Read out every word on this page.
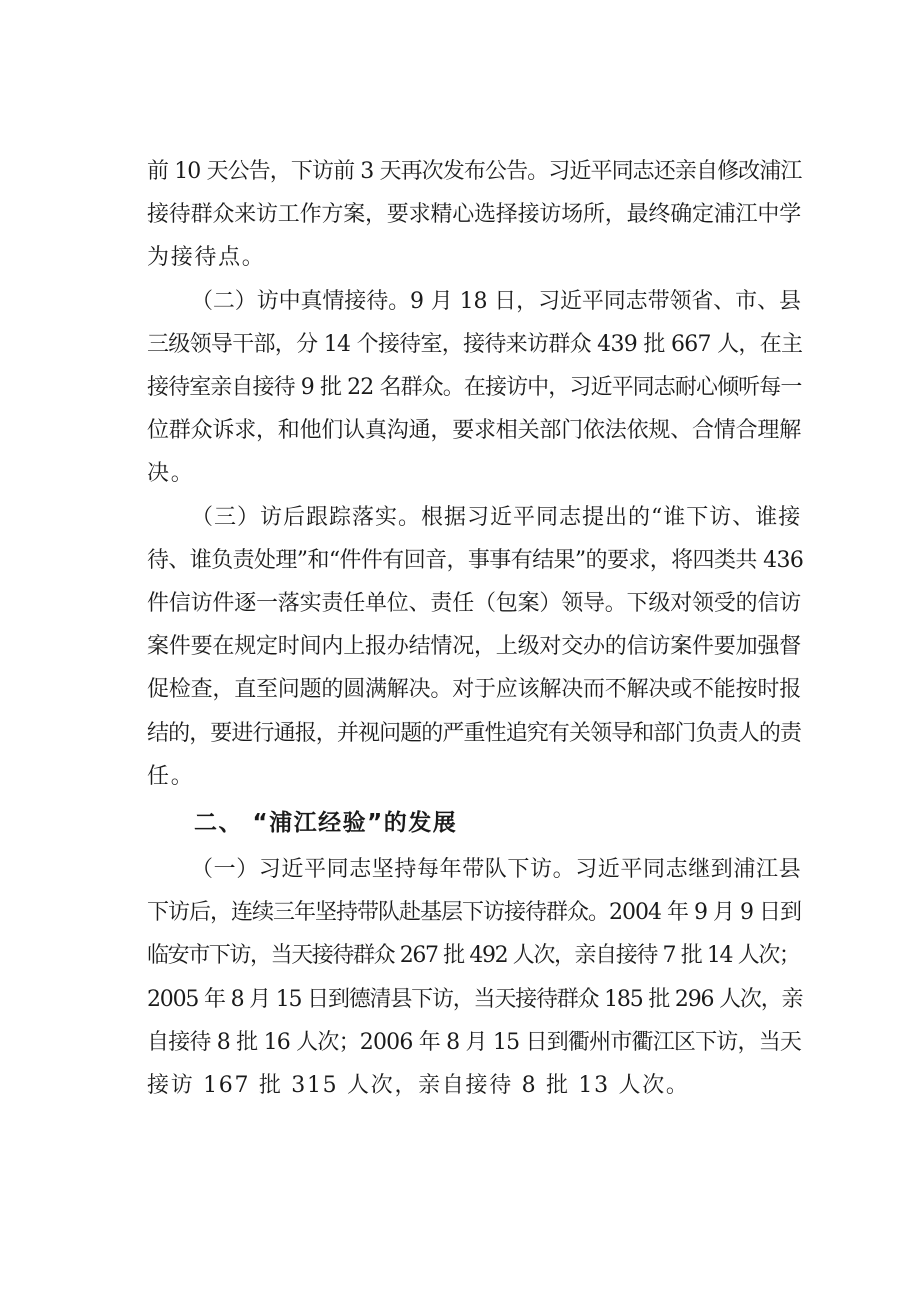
前 10 天公告，下访前 3 天再次发布公告。习近平同志还亲自修改浦江
接待群众来访工作方案，要求精心选择接访场所，最终确定浦江中学
为接待点。

（二）访中真情接待。9 月 18 日，习近平同志带领省、市、县
三级领导干部，分 14 个接待室，接待来访群众 439 批 667 人，在主
接待室亲自接待 9 批 22 名群众。在接访中，习近平同志耐心倾听每一
位群众诉求，和他们认真沟通，要求相关部门依法依规、合情合理解
决。

（三）访后跟踪落实。根据习近平同志提出的“谁下访、谁接
待、谁负责处理”和“件件有回音，事事有结果”的要求，将四类共 436
件信访件逐一落实责任单位、责任（包案）领导。下级对领受的信访
案件要在规定时间内上报办结情况，上级对交办的信访案件要加强督
促检查，直至问题的圆满解决。对于应该解决而不解决或不能按时报
结的，要进行通报，并视问题的严重性追究有关领导和部门负责人的责
任。

二、 “浦江经验”的发展

（一）习近平同志坚持每年带队下访。习近平同志继到浦江县
下访后，连续三年坚持带队赴基层下访接待群众。2004 年 9 月 9 日到
临安市下访，当天接待群众 267 批 492 人次，亲自接待 7 批 14 人次；
2005 年 8 月 15 日到德清县下访，当天接待群众 185 批 296 人次，亲
自接待 8 批 16 人次；2006 年 8 月 15 日到衢州市衢江区下访，当天
接访 167 批 315 人次，亲自接待 8 批 13 人次。
